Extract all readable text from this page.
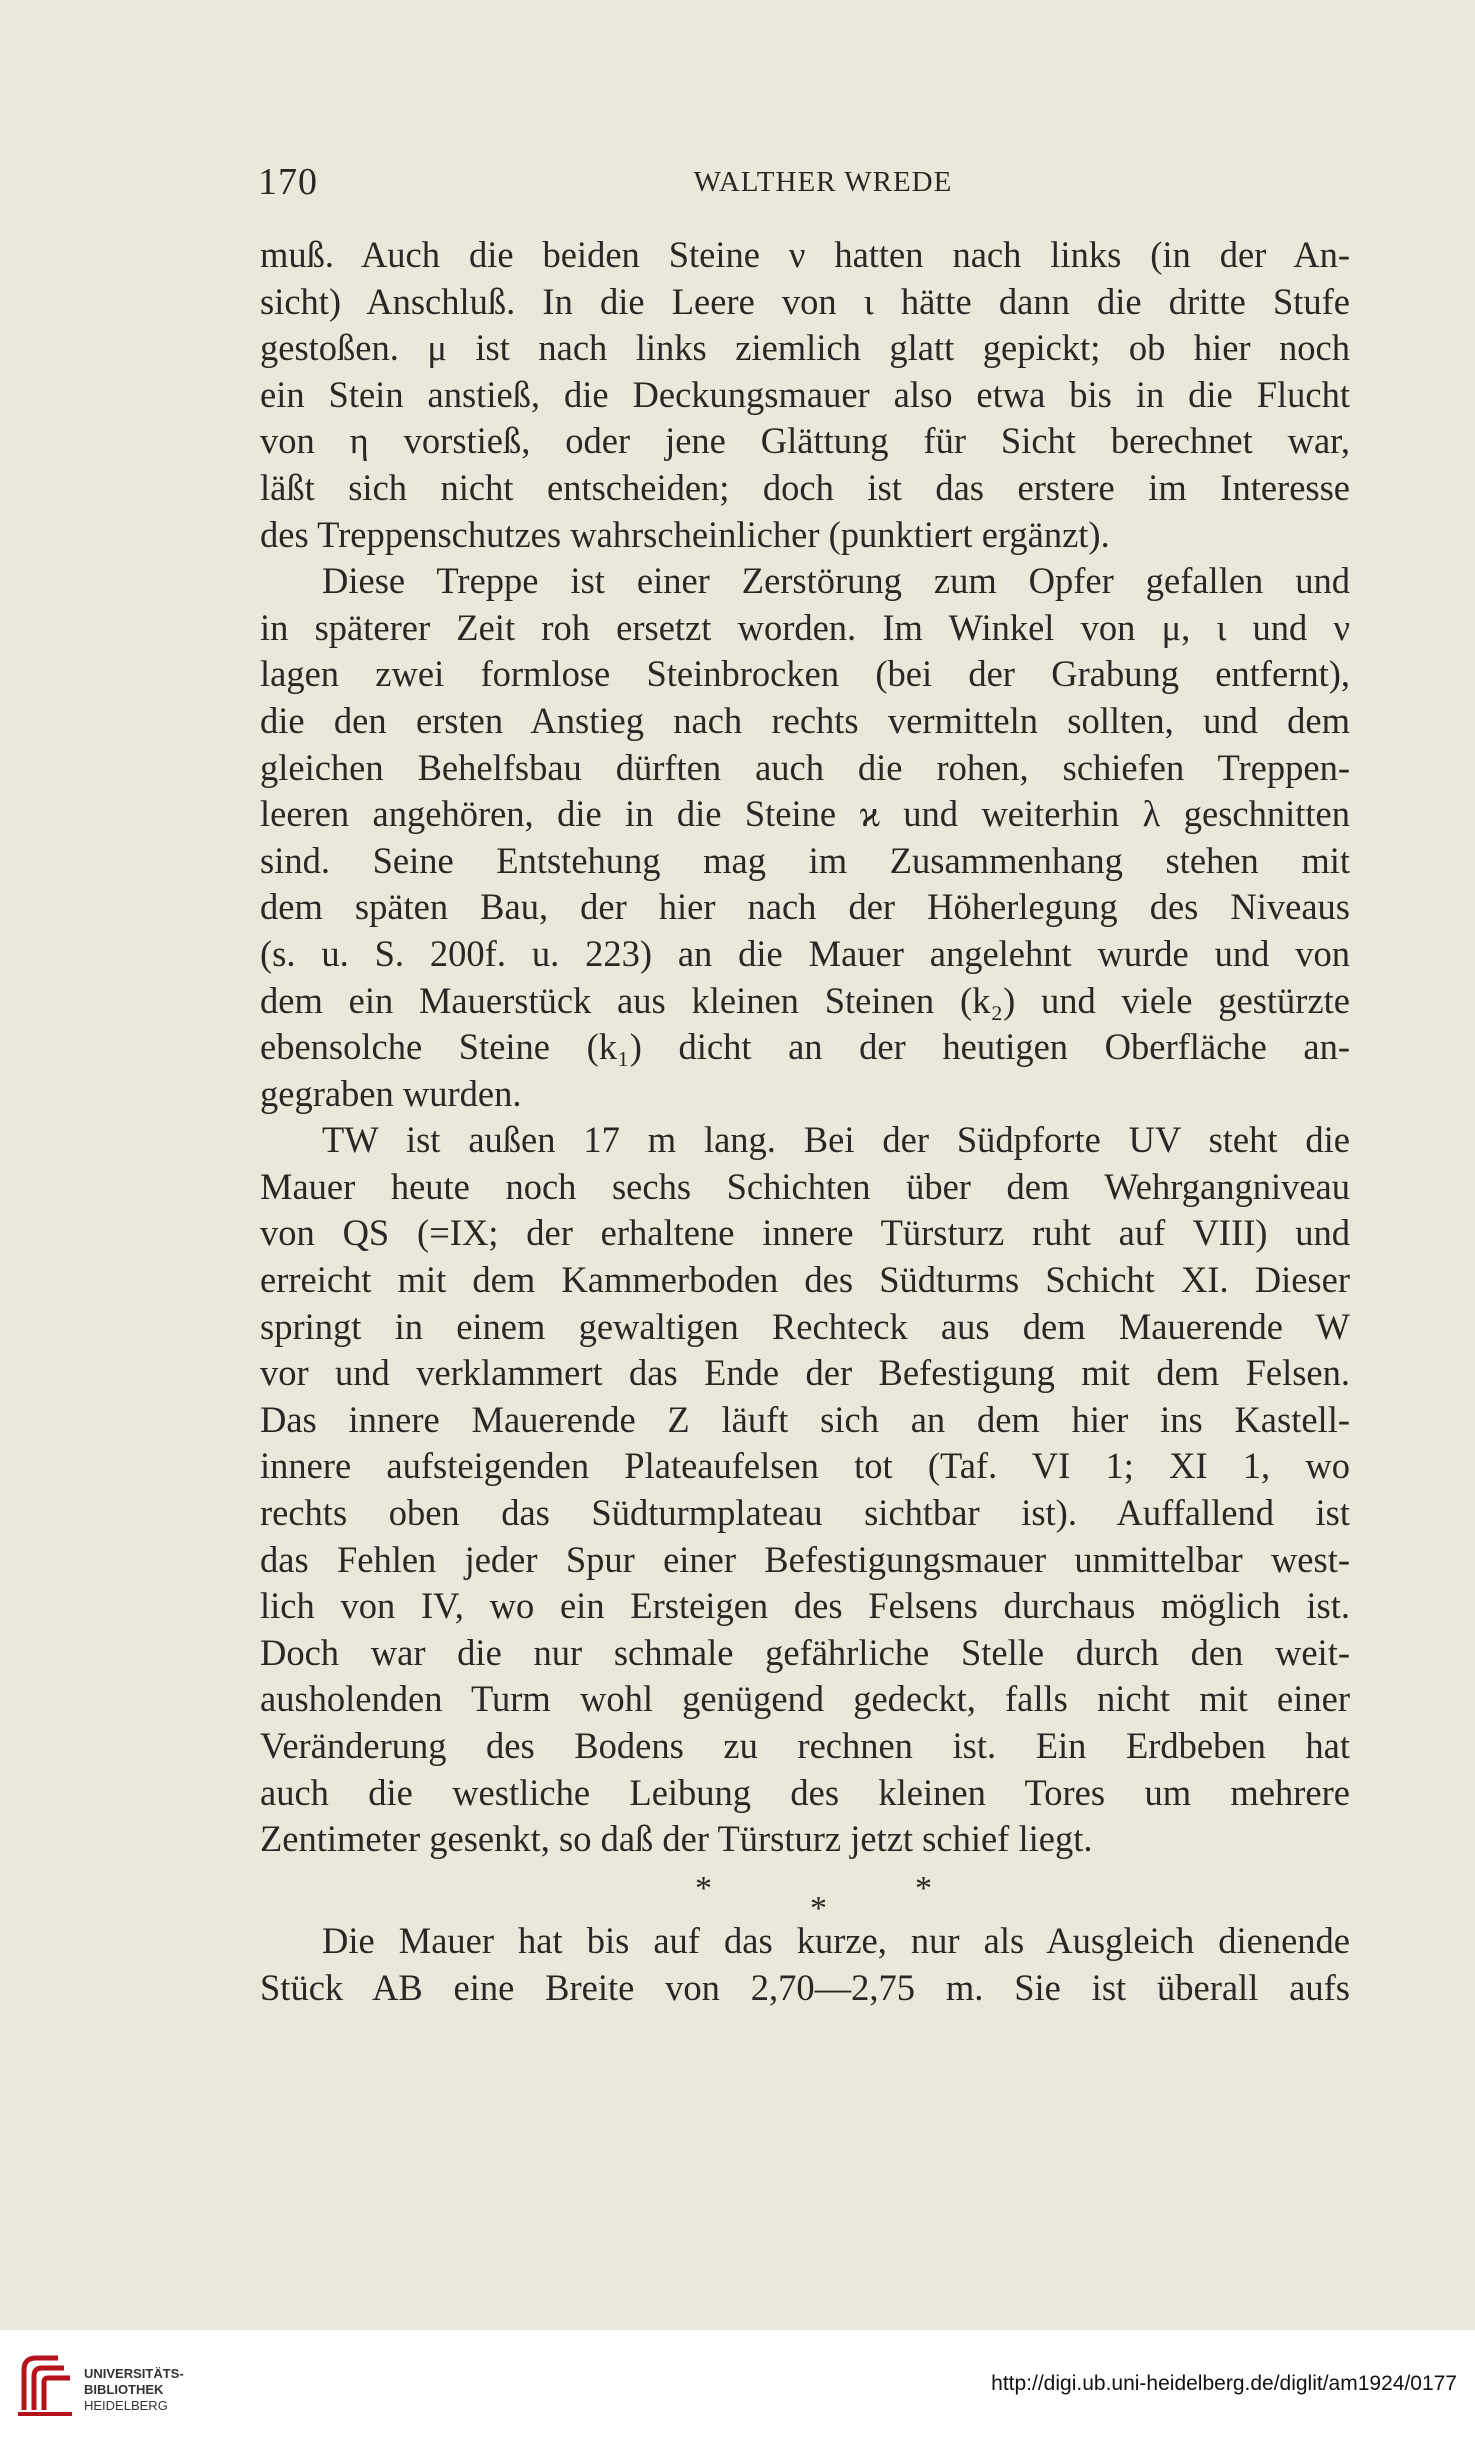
170	WALTHER WREDE

muß. Auch die beiden Steine ν hatten nach links (in der An-
sicht) Anschluß. In die Leere von ι hätte dann die dritte Stufe
gestoßen. μ ist nach links ziemlich glatt gepickt; ob hier noch
ein Stein anstieß, die Deckungsmauer also etwa bis in die Flucht
von η vorstieß, oder jene Glättung für Sicht berechnet war,
läßt sich nicht entscheiden; doch ist das erstere im Interesse
des Treppenschutzes wahrscheinlicher (punktiert ergänzt).

Diese Treppe ist einer Zerstörung zum Opfer gefallen und
in späterer Zeit roh ersetzt worden. Im Winkel von μ, ι und ν
lagen zwei formlose Steinbrocken (bei der Grabung entfernt),
die den ersten Anstieg nach rechts vermitteln sollten, und dem
gleichen Behelfsbau dürften auch die rohen, schiefen Treppen-
leeren angehören, die in die Steine ϰ und weiterhin λ geschnitten
sind. Seine Entstehung mag im Zusammenhang stehen mit
dem späten Bau, der hier nach der Höherlegung des Niveaus
(s. u. S. 200f. u. 223) an die Mauer angelehnt wurde und von
dem ein Mauerstück aus kleinen Steinen (k₂) und viele gestürzte
ebensolche Steine (k₁) dicht an der heutigen Oberfläche an-
gegraben wurden.

TW ist außen 17 m lang. Bei der Südpforte UV steht die
Mauer heute noch sechs Schichten über dem Wehrgangniveau
von QS (=IX; der erhaltene innere Türsturz ruht auf VIII) und
erreicht mit dem Kammerboden des Südturms Schicht XI. Dieser
springt in einem gewaltigen Rechteck aus dem Mauerende W
vor und verklammert das Ende der Befestigung mit dem Felsen.
Das innere Mauerende Z läuft sich an dem hier ins Kastell-
innere aufsteigenden Plateaufelsen tot (Taf. VI 1; XI 1, wo
rechts oben das Südturmplateau sichtbar ist). Auffallend ist
das Fehlen jeder Spur einer Befestigungsmauer unmittelbar west-
lich von IV, wo ein Ersteigen des Felsens durchaus möglich ist.
Doch war die nur schmale gefährliche Stelle durch den weit-
ausholenden Turm wohl genügend gedeckt, falls nicht mit einer
Veränderung des Bodens zu rechnen ist. Ein Erdbeben hat
auch die westliche Leibung des kleinen Tores um mehrere
Zentimeter gesenkt, so daß der Türsturz jetzt schief liegt.

*
*
*

Die Mauer hat bis auf das kurze, nur als Ausgleich dienende
Stück AB eine Breite von 2,70—2,75 m. Sie ist überall aufs

UNIVERSITÄTS-
BIBLIOTHEK
HEIDELBERG
http://digi.ub.uni-heidelberg.de/diglit/am1924/0177
